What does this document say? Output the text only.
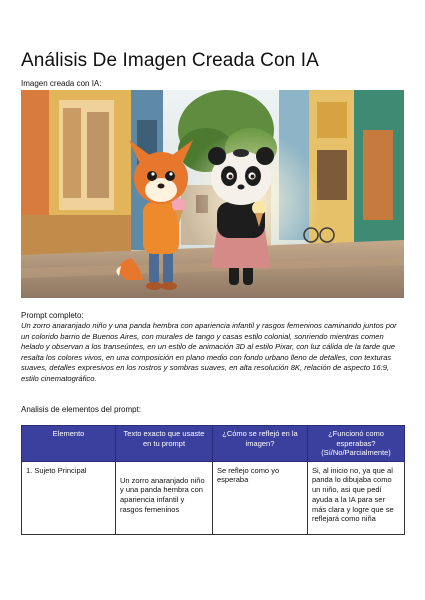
Análisis De Imagen Creada Con IA
Imagen creada con IA:
Prompt completo:
Un zorro anaranjado niño y una panda hembra con apariencia infantil y rasgos femeninos caminando juntos por un colorido barrio de Buenos Aires, con murales de tango y casas estilo colonial, sonriendo mientras comen helado y observan a los transeúntes, en un estilo de animación 3D al estilo Pixar, con luz cálida de la tarde que resalta los colores vivos, en una composición en plano medio con fondo urbano lleno de detalles, con texturas suaves, detalles expresivos en los rostros y sombras suaves, en alta resolución 8K, relación de aspecto 16:9, estilo cinematográfico.
Analisis de elementos del prompt:
Elemento	Texto exacto que usaste en tu prompt	¿Cómo se reflejó en la imagen?	¿Funcionó como esperabas? (Sí/No/Parcialmente)
1. Sujeto Principal	Un zorro anaranjado niño y una panda hembra con apariencia infantil y rasgos femeninos	Se reflejo como yo esperaba	Si, al inicio no, ya que al panda lo dibujaba como un niño, asi que pedí ayuda a la IA para ser más clara y logre que se reflejará como niña
